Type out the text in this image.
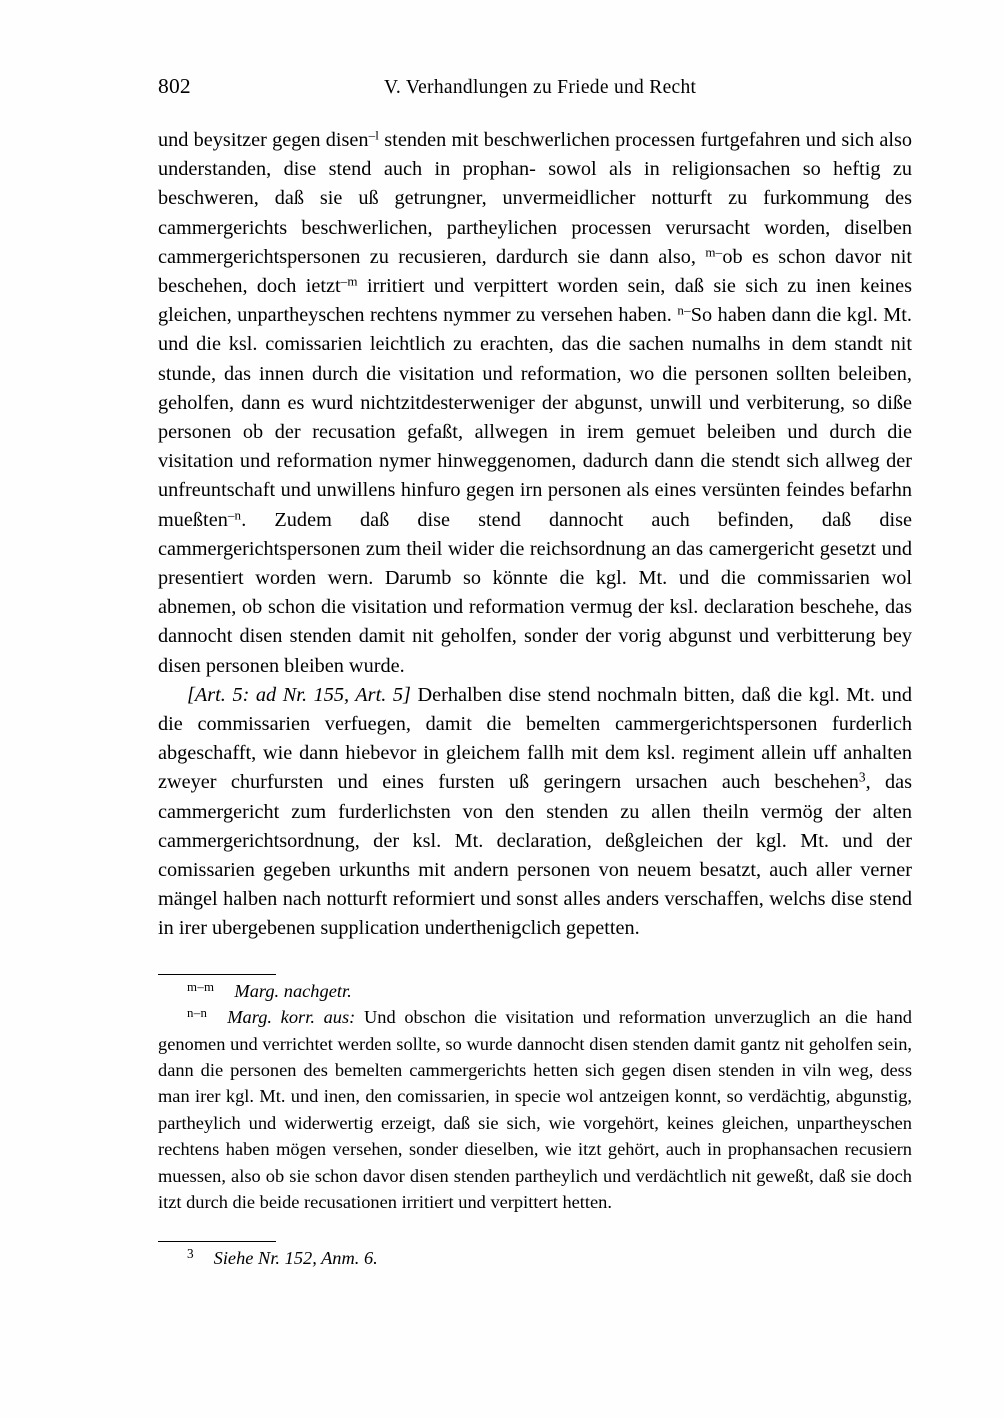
802	V. Verhandlungen zu Friede und Recht

und beysitzer gegen disen$^{-l}$ stenden mit beschwerlichen processen furtgefahren und sich also understanden, dise stend auch in prophan- sowol als in religionsachen so heftig zu beschweren, daß sie uß getrungner, unvermeidlicher notturft zu furkommung des cammergerichts beschwerlichen, partheylichen processen verursacht worden, diselben cammergerichtspersonen zu recusieren, dardurch sie dann also, $^{m-}$ob es schon davor nit beschehen, doch ietzt$^{-m}$ irritiert und verpittert worden sein, daß sie sich zu inen keines gleichen, unpartheyschen rechtens nymmer zu versehen haben. $^{n-}$So haben dann die kgl. Mt. und die ksl. comissarien leichtlich zu erachten, das die sachen numalhs in dem standt nit stunde, das innen durch die visitation und reformation, wo die personen sollten beleiben, geholfen, dann es wurd nichtzitdesterweniger der abgunst, unwill und verbiterung, so diße personen ob der recusation gefaßt, allwegen in irem gemuet beleiben und durch die visitation und reformation nymer hinweggenomen, dadurch dann die stendt sich allweg der unfreuntschaft und unwillens hinfuro gegen irn personen als eines versünten feindes befarhn mueßten$^{-n}$. Zudem daß dise stend dannocht auch befinden, daß dise cammergerichtspersonen zum theil wider die reichsordnung an das camergericht gesetzt und presentiert worden wern. Darumb so könnte die kgl. Mt. und die commissarien wol abnemen, ob schon die visitation und reformation vermug der ksl. declaration beschehe, das dannocht disen stenden damit nit geholfen, sonder der vorig abgunst und verbitterung bey disen personen bleiben wurde.

[Art. 5: ad Nr. 155, Art. 5] Derhalben dise stend nochmaln bitten, daß die kgl. Mt. und die commissarien verfuegen, damit die bemelten cammergerichtspersonen furderlich abgeschafft, wie dann hiebevor in gleichem fallh mit dem ksl. regiment allein uff anhalten zweyer churfursten und eines fursten uß geringern ursachen auch beschehen$^3$, das cammergericht zum furderlichsten von den stenden zu allen theiln vermög der alten cammergerichtsordnung, der ksl. Mt. declaration, deßgleichen der kgl. Mt. und der comissarien gegeben urkunths mit andern personen von neuem besatzt, auch aller verner mängel halben nach notturft reformiert und sonst alles anders verschaffen, welchs dise stend in irer ubergebenen supplication underthenigclich gepetten.

$^{m-m}$ Marg. nachgetr.

$^{n-n}$ Marg. korr. aus: Und obschon die visitation und reformation unverzuglich an die hand genomen und verrichtet werden sollte, so wurde dannocht disen stenden damit gantz nit geholfen sein, dann die personen des bemelten cammergerichts hetten sich gegen disen stenden in viln weg, dess man irer kgl. Mt. und inen, den comissarien, in specie wol antzeigen konnt, so verdächtig, abgunstig, partheylich und widerwertig erzeigt, daß sie sich, wie vorgehört, keines gleichen, unpartheyschen rechtens haben mögen versehen, sonder dieselben, wie itzt gehört, auch in prophansachen recusiern muessen, also ob sie schon davor disen stenden partheylich und verdächtlich nit geweßt, daß sie doch itzt durch die beide recusationen irritiert und verpittert hetten.

$^3$ Siehe Nr. 152, Anm. 6.
